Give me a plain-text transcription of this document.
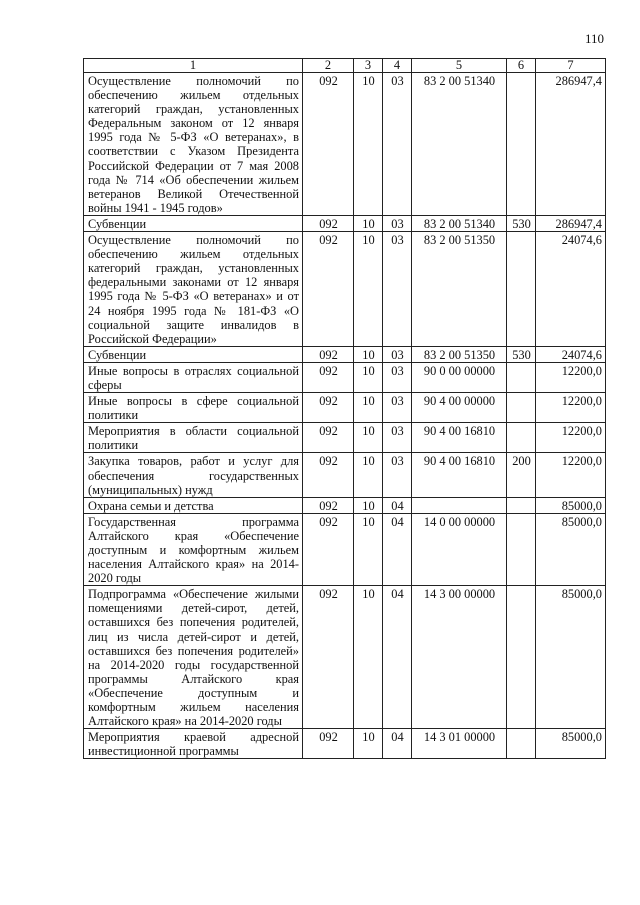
110
1	2	3	4	5	6	7
Осуществление полномочий по обеспечению жильем отдельных категорий граждан, установленных Федеральным законом от 12 января 1995 года № 5-ФЗ «О ветеранах», в соответствии с Указом Президента Российской Федерации от 7 мая 2008 года № 714 «Об обеспечении жильем ветеранов Великой Отечественной войны 1941 - 1945 годов»	092	10	03	83 2 00 51340		286947,4
Субвенции	092	10	03	83 2 00 51340	530	286947,4
Осуществление полномочий по обеспечению жильем отдельных категорий граждан, установленных федеральными законами от 12 января 1995 года № 5-ФЗ «О ветеранах» и от 24 ноября 1995 года № 181-ФЗ «О социальной защите инвалидов в Российской Федерации»	092	10	03	83 2 00 51350		24074,6
Субвенции	092	10	03	83 2 00 51350	530	24074,6
Иные вопросы в отраслях социальной сферы	092	10	03	90 0 00 00000		12200,0
Иные вопросы в сфере социальной политики	092	10	03	90 4 00 00000		12200,0
Мероприятия в области социальной политики	092	10	03	90 4 00 16810		12200,0
Закупка товаров, работ и услуг для обеспечения государственных (муниципальных) нужд	092	10	03	90 4 00 16810	200	12200,0
Охрана семьи и детства	092	10	04			85000,0
Государственная программа Алтайского края «Обеспечение доступным и комфортным жильем населения Алтайского края» на 2014-2020 годы	092	10	04	14 0 00 00000		85000,0
Подпрограмма «Обеспечение жилыми помещениями детей-сирот, детей, оставшихся без попечения родителей, лиц из числа детей-сирот и детей, оставшихся без попечения родителей» на 2014-2020 годы государственной программы Алтайского края «Обеспечение доступным и комфортным жильем населения Алтайского края» на 2014-2020 годы	092	10	04	14 3 00 00000		85000,0
Мероприятия краевой адресной инвестиционной программы	092	10	04	14 3 01 00000		85000,0
